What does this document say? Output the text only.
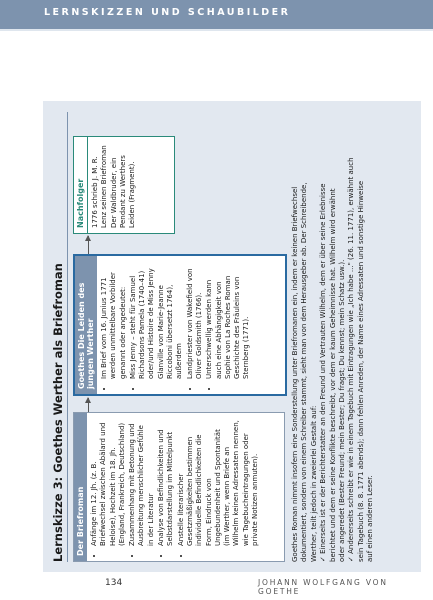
LERNSKIZZEN UND SCHAUBILDER
Lernskizze 3: Goethes Werther als Briefroman Der Briefroman • Anfänge im 12. Jh. (z. B. Briefwechsel zwischen Abälard und Heloise), Hochzeit im 18. Jh. (England, Frankreich, Deutschland) • Zusammenhang mit Betonung und Ausbreitung menschlicher Gefühle in der Literatur • Analyse von Befindlichkeiten und Selbstdarstellung im Mittelpunkt • Anstelle literarischer Gesetzmäßigkeiten bestimmen individuelle Befindlichkeiten die Form, Eindruck von Ungebundenheit und Spontanität (im Werther, wenn Briefe an Wilhelm keinen Adressaten nennen, wie Tagebucheintragungen oder private Notizen anmuten).
Goethes Die Leiden des jungen Werther • Im Brief vom 16. Junius 1771 werden unmittelbare Vorbilder genannt oder angedeutet: • Miss Jenny – steht für Samuel Richardsons Pamela (1740–41) oder/und Histoire de Miss Jenny Glanville von Marie-Jeanne Riccoboni übersetzt 1764), außerdem • Landpriester von Wakefield von Oliver Goldsmith (1766). • Unterschwellig werden kann auch eine Abhängigkeit von Sophie von La Roches Roman Geschichte des Fräuleins von Sternberg (1771).
Nachfolger 1776 schrieb J. M. R. Lenz seinen Briefroman Der Waldbruder, ein Pendant zu Werthers Leiden (Fragment).	Goethes Roman nimmt insofern eine Sonderstellung unter Briefromanen ein, indem er keinen Briefwechsel dokumentiert, sondern von einem Schreiber stammt, sieht man von dem Herausgeber ab. Der Schreibende, Werther, teilt jedoch in zweierlei Gestalt auf: ✓ Einerseits ist er der Berichterstatter an den Freund und Vertrauten Wilhelm, dem er über seine Erlebnisse berichtet und dem er seine Konflikte beschreibt, vor dem er kaum Geheimnisse hat. Wilhelm wird erwähnt oder angeredet (Bester Freund; mein Bester; Du fragst; Du kennst; mein Schatz usw.). ✓ Andererseits schreibt er wie in einem Tagebuch mit Eintragungen wie „Ich habe ..." (26. 11. 1771), erwähnt auch sein Tagebuch (8. 8. 1771 abends); dann fehlen Anreden, der Name eines Adressaten und sonstige Hinweise auf einen anderen Leser.
134	JOHANN WOLFGANG VON GOETHE
